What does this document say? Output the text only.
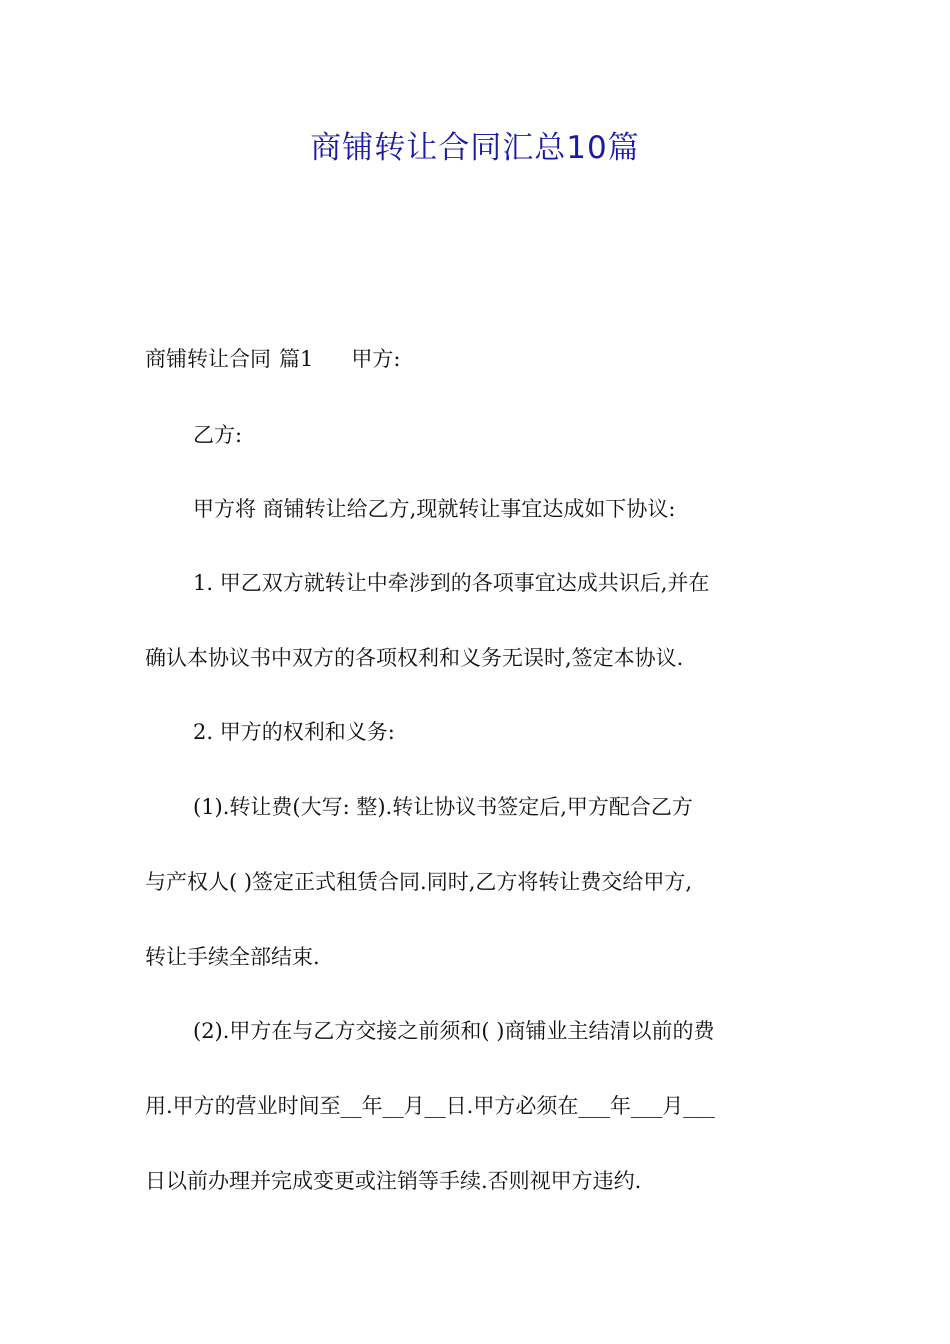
商铺转让合同汇总10篇

商铺转让合同 篇1 甲方:

乙方:

甲方将 商铺转让给乙方,现就转让事宜达成如下协议:

1. 甲乙双方就转让中牵涉到的各项事宜达成共识后,并在

确认本协议书中双方的各项权利和义务无误时,签定本协议.

2. 甲方的权利和义务:

(1).转让费(大写: 整).转让协议书签定后,甲方配合乙方

与产权人( )签定正式租赁合同.同时,乙方将转让费交给甲方,

转让手续全部结束.

(2).甲方在与乙方交接之前须和( )商铺业主结清以前的费

用.甲方的营业时间至__年__月__日.甲方必须在___年___月___

日以前办理并完成变更或注销等手续.否则视甲方违约.
